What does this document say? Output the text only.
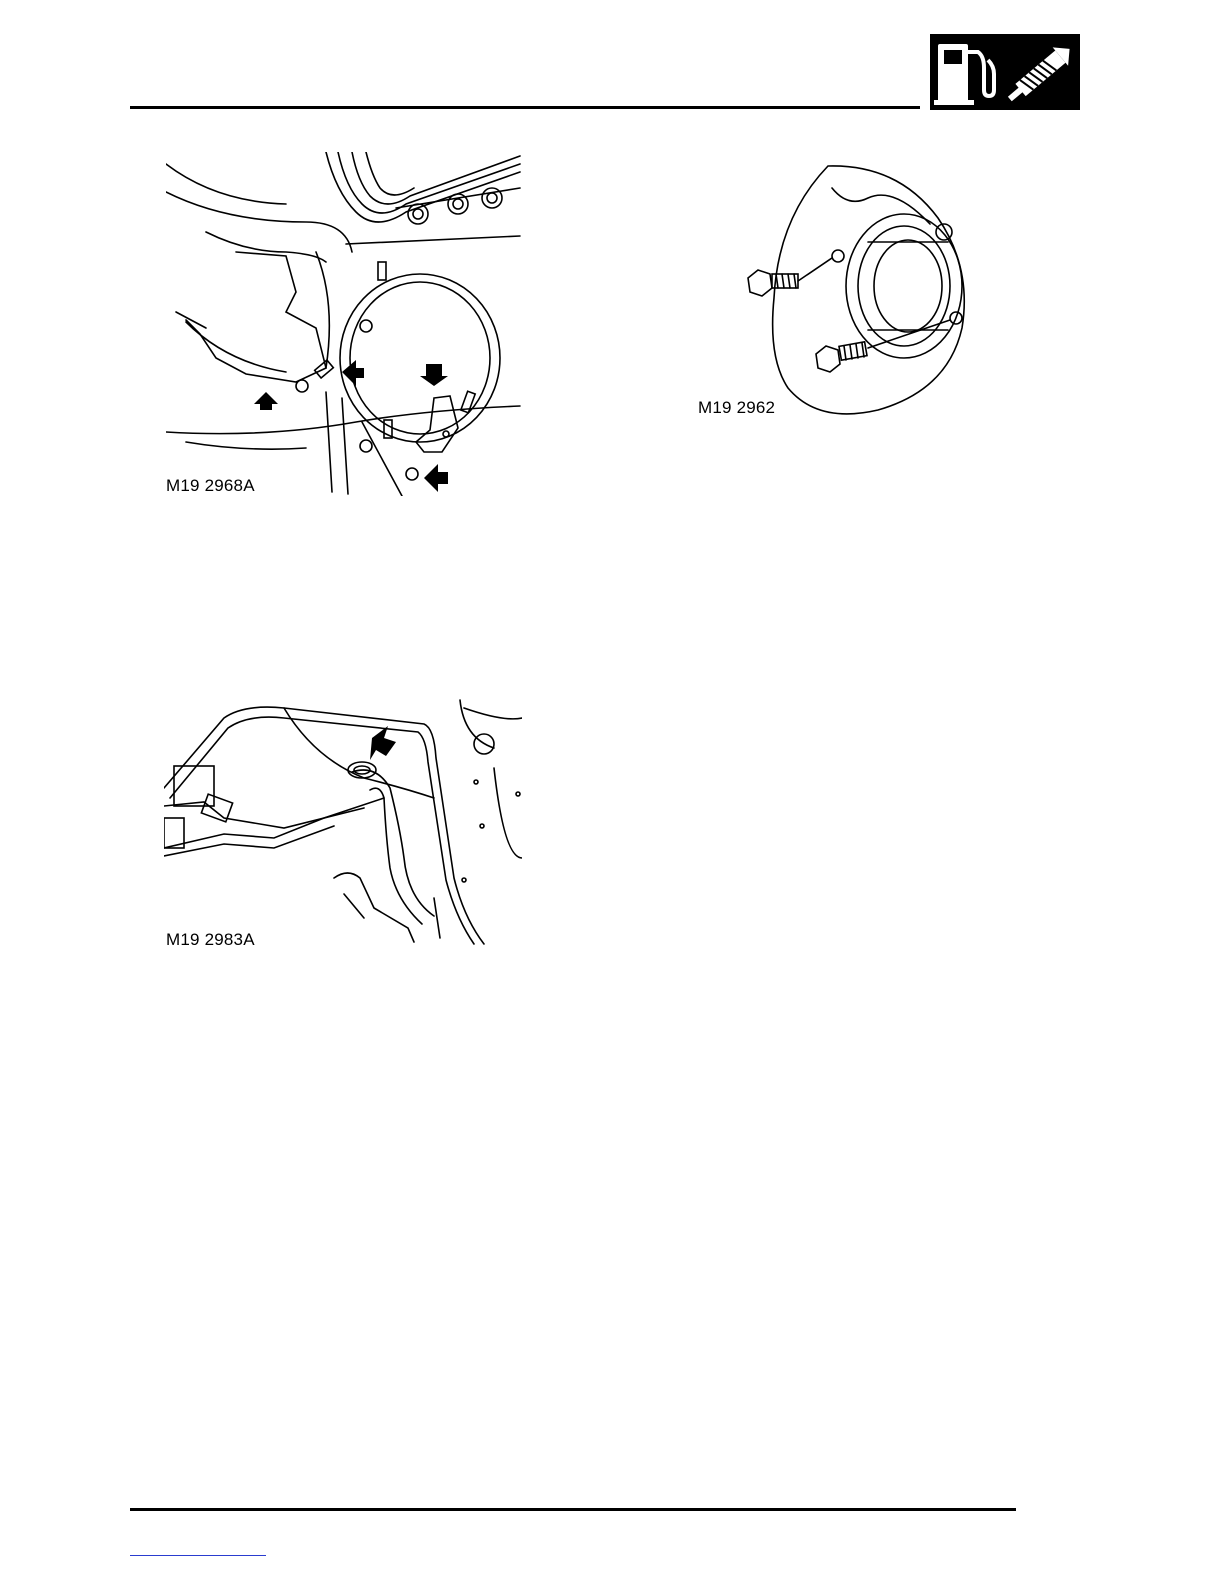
M19 2968A
M19 2962
M19 2983A
